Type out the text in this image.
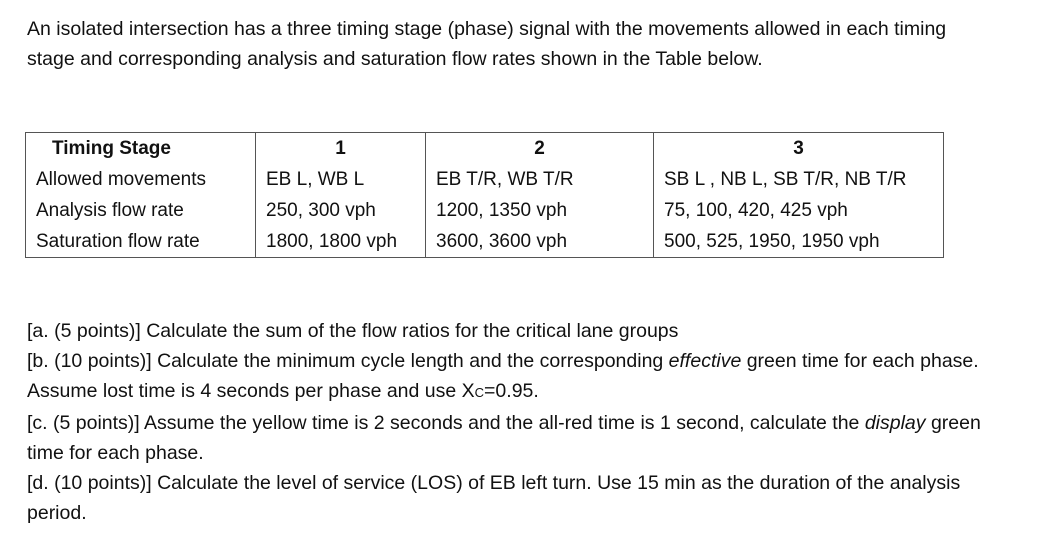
An isolated intersection has a three timing stage (phase) signal with the movements allowed in each timing stage and corresponding analysis and saturation flow rates shown in the Table below.

Timing Stage	1	2	3
Allowed movements	EB L, WB L	EB T/R, WB T/R	SB L , NB L, SB T/R, NB T/R
Analysis flow rate	250, 300 vph	1200, 1350 vph	75, 100, 420, 425 vph
Saturation flow rate	1800, 1800 vph	3600, 3600 vph	500, 525, 1950, 1950 vph

[a. (5 points)] Calculate the sum of the flow ratios for the critical lane groups

[b. (10 points)] Calculate the minimum cycle length and the corresponding effective green time for each phase. Assume lost time is 4 seconds per phase and use XC=0.95.

[c. (5 points)] Assume the yellow time is 2 seconds and the all-red time is 1 second, calculate the display green time for each phase.

[d. (10 points)] Calculate the level of service (LOS) of EB left turn. Use 15 min as the duration of the analysis period.
